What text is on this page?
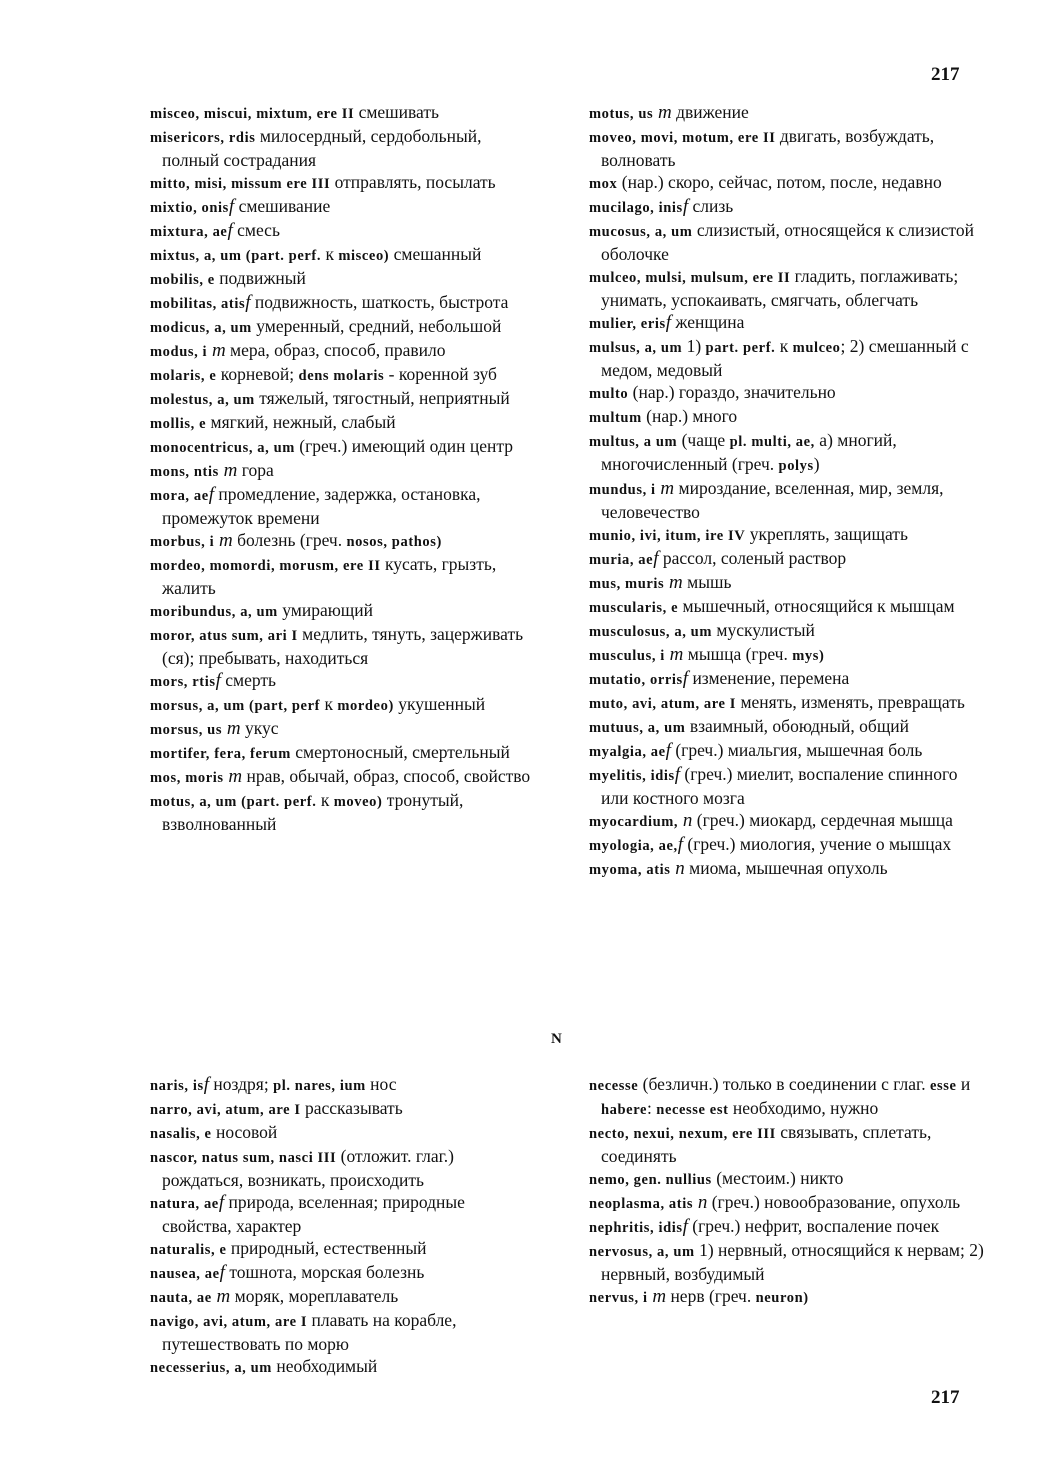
217
misceo, miscui, mixtum, ere II смешивать
misericors, rdis милосердный, сердобольный, полный сострадания
mitto, misi, missum ere III отправлять, посылать
mixtio, onisf смешивание
mixtura, aef смесь
mixtus, a, um (part. perf. к misceo) смешанный
mobilis, e подвижный
mobilitas, atisf подвижность, шаткость, быстрота
modicus, a, um умеренный, средний, небольшой
modus, i m мера, образ, способ, правило
molaris, e корневой; dens molaris - коренной зуб
molestus, a, um тяжелый, тягостный, неприятный
mollis, e мягкий, нежный, слабый
monocentricus, a, um (греч.) имеющий один центр
mons, ntis m гора
mora, aef промедление, задержка, остановка, промежуток времени
morbus, i m болезнь (греч. nosos, pathos)
mordeo, momordi, morusm, ere II кусать, грызть, жалить
moribundus, a, um умирающий
moror, atus sum, ari I медлить, тянуть, зацерживать (ся); пребывать, находиться
mors, rtisf смерть
morsus, a, um (part, perf к mordeo) укушенный
morsus, us m укус
mortifer, fera, ferum смертоносный, смертельный
mos, moris m нрав, обычай, образ, способ, свойство
motus, a, um (part. perf. к moveo) тронутый, взволнованный
motus, us m движение
moveo, movi, motum, ere II двигать, возбуждать, волновать
mox (нар.) скоро, сейчас, потом, после, недавно
mucilago, inisf слизь
mucosus, a, um слизистый, относящейся к слизистой оболочке
mulceo, mulsi, mulsum, ere II гладить, поглаживать; унимать, успокаивать, смягчать, облегчать
mulier, erisf женщина
mulsus, a, um 1) part. perf. к mulceo; 2) смешанный с медом, медовый
multo (нар.) гораздо, значительно
multum (нар.) много
multus, a um (чаще pl. multi, ae, а) многий, многочисленный (греч. polys)
mundus, i m мироздание, вселенная, мир, земля, человечество
munio, ivi, itum, ire IV укреплять, защищать
muria, aef рассол, соленый раствор
mus, muris m мышь
muscularis, e мышечный, относящийся к мышцам
musculosus, a, um мускулистый
musculus, i m мышца (греч. mys)
mutatio, orrisf изменение, перемена
muto, avi, atum, are I менять, изменять, превращать
mutuus, a, um взаимный, обоюдный, общий
myalgia, aef (греч.) миальгия, мышечная боль
myelitis, idisf (греч.) миелит, воспаление спинного или костного мозга
myocardium, n (греч.) миокард, сердечная мышца
myologia, ae,f (греч.) миология, учение о мышцах
myoma, atis n миома, мышечная опухоль
N
naris, isf ноздря; pl. nares, ium нос
narro, avi, atum, are I рассказывать
nasalis, e носовой
nascor, natus sum, nasci III (отложит. глаг.) рождаться, возникать, происходить
natura, aef природа, вселенная; природные свойства, характер
naturalis, e природный, естественный
nausea, aef тошнота, морская болезнь
nauta, ae m моряк, мореплаватель
navigo, avi, atum, are I плавать на корабле, путешествовать по морю
necesserius, a, um необходимый
necesse (безличн.) только в соединении с глаг. esse и habere: necesse est необходимо, нужно
necto, nexui, nexum, ere III связывать, сплетать, соединять
nemo, gen. nullius (местоим.) никто
neoplasma, atis n (греч.) новообразование, опухоль
nephritis, idisf (греч.) нефрит, воспаление почек
nervosus, a, um 1) нервный, относящийся к нервам; 2) нервный, возбудимый
nervus, i m нерв (греч. neuron)
217
